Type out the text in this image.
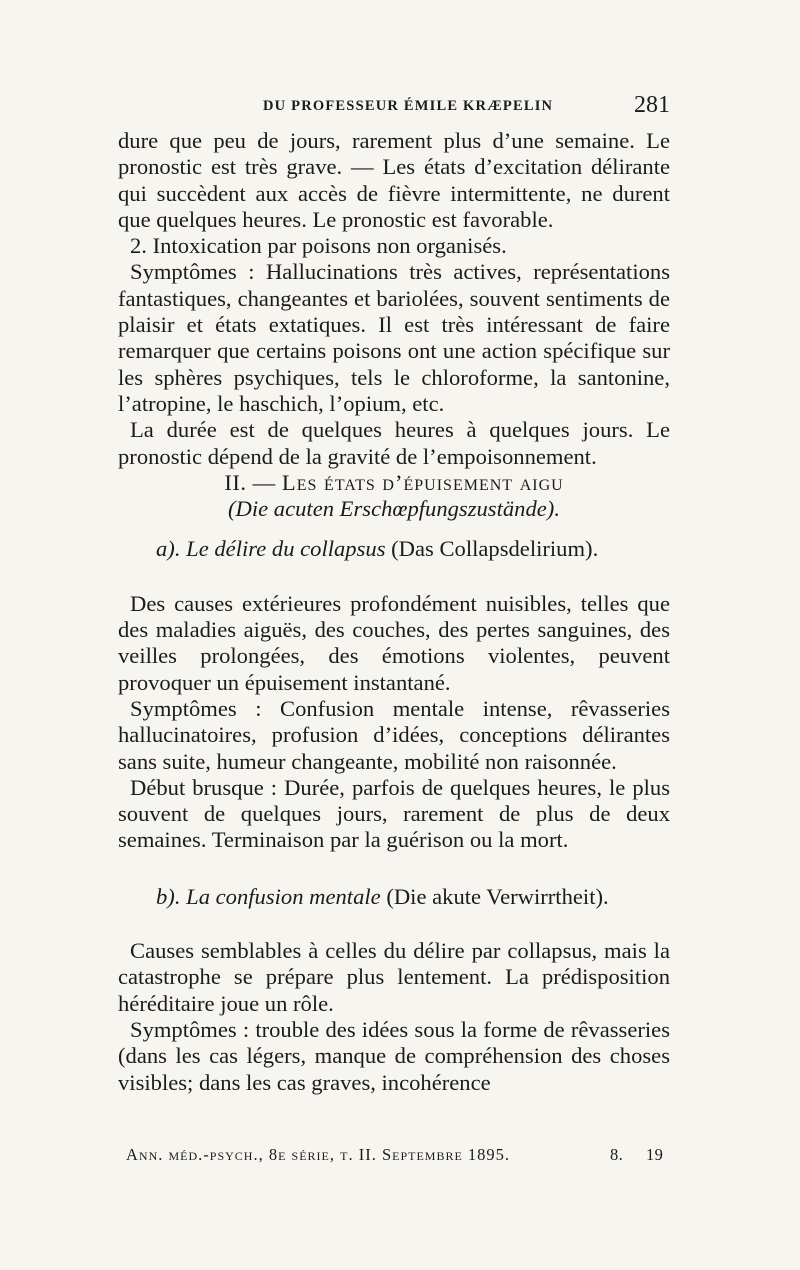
DU PROFESSEUR ÉMILE KRÆPELIN	281

dure que peu de jours, rarement plus d’une semaine. Le pronostic est très grave. — Les états d’excitation délirante qui succèdent aux accès de fièvre intermittente, ne durent que quelques heures. Le pronostic est favorable.

2. Intoxication par poisons non organisés.

Symptômes : Hallucinations très actives, représentations fantastiques, changeantes et bariolées, souvent sentiments de plaisir et états extatiques. Il est très intéressant de faire remarquer que certains poisons ont une action spécifique sur les sphères psychiques, tels le chloroforme, la santonine, l’atropine, le haschich, l’opium, etc.

La durée est de quelques heures à quelques jours. Le pronostic dépend de la gravité de l’empoisonnement.

II. — Les états d’épuisement aigu

(Die acuten Erschœpfungszustände).

a). Le délire du collapsus (Das Collapsdelirium).

Des causes extérieures profondément nuisibles, telles que des maladies aiguës, des couches, des pertes sanguines, des veilles prolongées, des émotions violentes, peuvent provoquer un épuisement instantané.

Symptômes : Confusion mentale intense, rêvasseries hallucinatoires, profusion d’idées, conceptions délirantes sans suite, humeur changeante, mobilité non raisonnée.

Début brusque : Durée, parfois de quelques heures, le plus souvent de quelques jours, rarement de plus de deux semaines. Terminaison par la guérison ou la mort.

b). La confusion mentale (Die akute Verwirrtheit).

Causes semblables à celles du délire par collapsus, mais la catastrophe se prépare plus lentement. La prédisposition héréditaire joue un rôle.

Symptômes : trouble des idées sous la forme de rêvasseries (dans les cas légers, manque de compréhension des choses visibles; dans les cas graves, incohérence

Ann. méd.-psych., 8e série, t. II. Septembre 1895.	8. 19
